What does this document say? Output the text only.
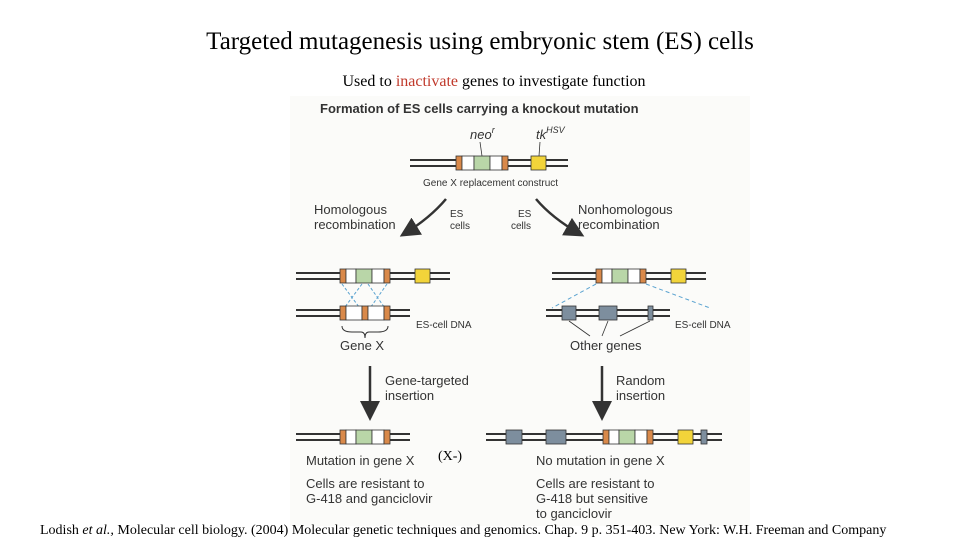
Targeted mutagenesis using embryonic stem (ES) cells
Used to inactivate genes to investigate function
Formation of ES cells carrying a knockout mutation
neo$^r$	$tk^{HSV}$
Gene X replacement construct
Homologous
recombination
ES
cells
ES
cells
Nonhomologous
recombination
ES-cell DNA
Gene X
ES-cell DNA
Other genes
Gene-targeted
insertion
Random
insertion
Mutation in gene X
Cells are resistant to
G-418 and ganciclovir
No mutation in gene X
Cells are resistant to
G-418 but sensitive
to ganciclovir
(X-)
Lodish et al., Molecular cell biology. (2004) Molecular genetic techniques and genomics. Chap. 9 p. 351-403. New York: W.H. Freeman and Company
